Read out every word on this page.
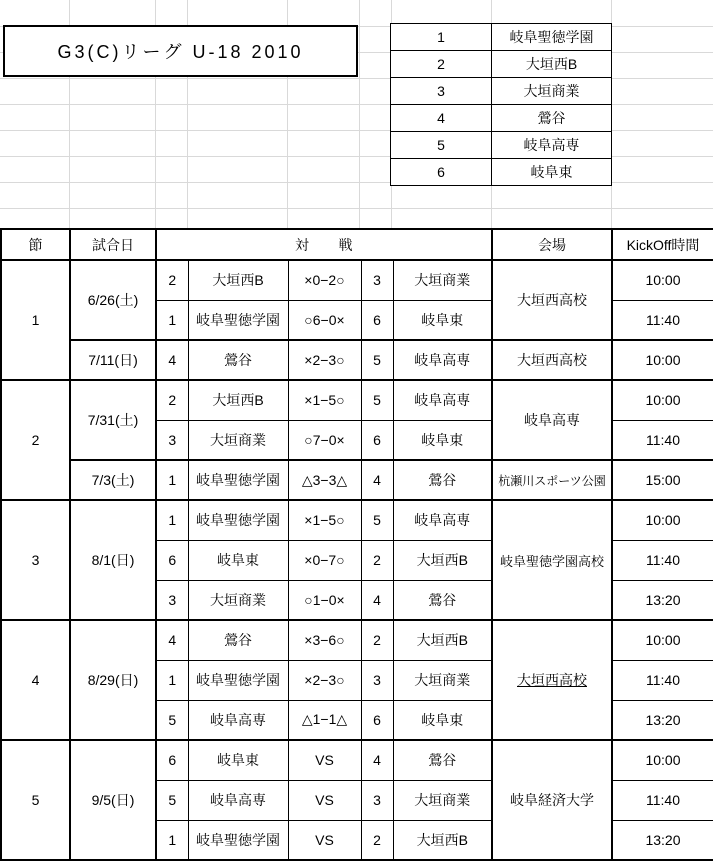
G3(C)リーグ U-18 2010
1	岐阜聖徳学園
2	大垣西B
3	大垣商業
4	鶯谷
5	岐阜高専
6	岐阜東
節	試合日	対　　戦					会場	KickOff時間
1	6/26(土)	2	大垣西B	×0−2○	3	大垣商業	大垣西高校	10:00
		1	岐阜聖徳学園	○6−0×	6	岐阜東		11:40
	7/11(日)	4	鶯谷	×2−3○	5	岐阜高専	大垣西高校	10:00
2	7/31(土)	2	大垣西B	×1−5○	5	岐阜高専	岐阜高専	10:00
		3	大垣商業	○7−0×	6	岐阜東		11:40
	7/3(土)	1	岐阜聖徳学園	△3−3△	4	鶯谷	杭瀬川スポーツ公園	15:00
3	8/1(日)	1	岐阜聖徳学園	×1−5○	5	岐阜高専	岐阜聖徳学園高校	10:00
		6	岐阜東	×0−7○	2	大垣西B		11:40
		3	大垣商業	○1−0×	4	鶯谷		13:20
4	8/29(日)	4	鶯谷	×3−6○	2	大垣西B	大垣西高校	10:00
		1	岐阜聖徳学園	×2−3○	3	大垣商業		11:40
		5	岐阜高専	△1−1△	6	岐阜東		13:20
5	9/5(日)	6	岐阜東	VS	4	鶯谷	岐阜経済大学	10:00
		5	岐阜高専	VS	3	大垣商業		11:40
		1	岐阜聖徳学園	VS	2	大垣西B		13:20
